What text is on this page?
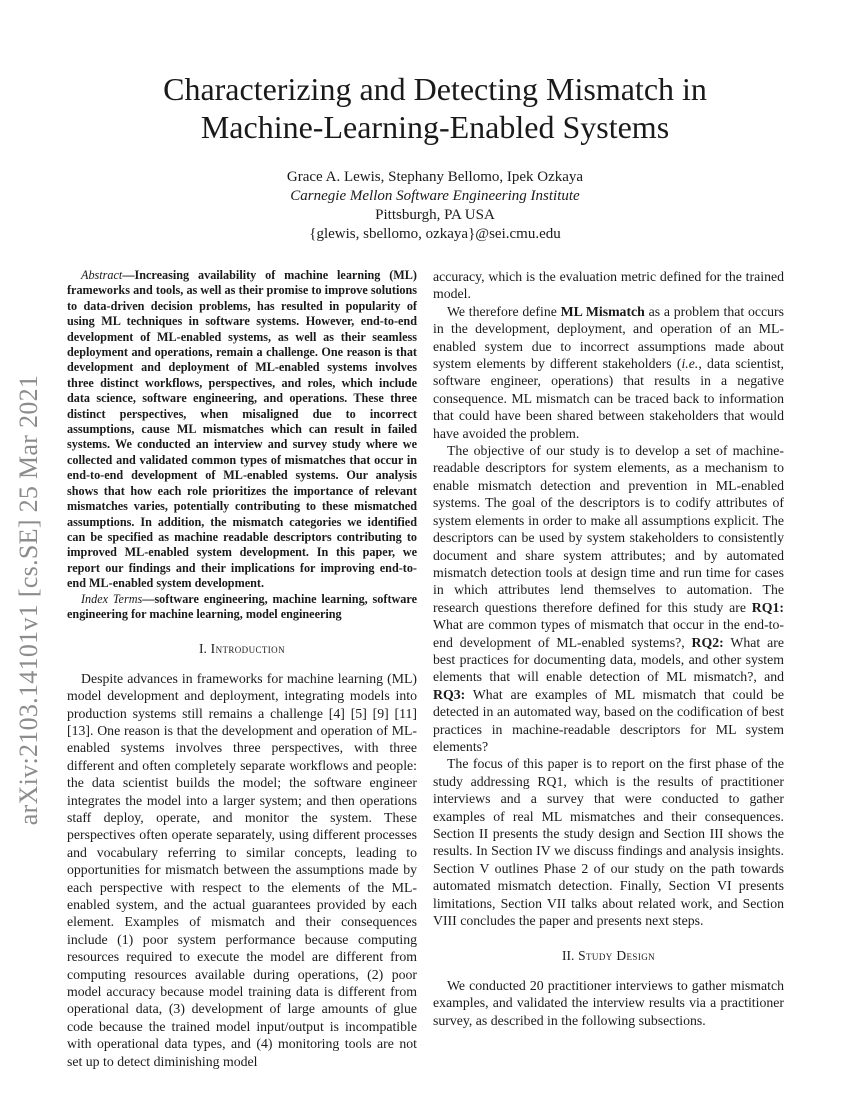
arXiv:2103.14101v1 [cs.SE] 25 Mar 2021
Characterizing and Detecting Mismatch in
Machine-Learning-Enabled Systems
Grace A. Lewis, Stephany Bellomo, Ipek Ozkaya
Carnegie Mellon Software Engineering Institute
Pittsburgh, PA USA
{glewis, sbellomo, ozkaya}@sei.cmu.edu

Abstract—Increasing availability of machine learning (ML) frameworks and tools, as well as their promise to improve solutions to data-driven decision problems, has resulted in popularity of using ML techniques in software systems. However, end-to-end development of ML-enabled systems, as well as their seamless deployment and operations, remain a challenge. One reason is that development and deployment of ML-enabled systems involves three distinct workflows, perspectives, and roles, which include data science, software engineering, and operations. These three distinct perspectives, when misaligned due to incorrect assumptions, cause ML mismatches which can result in failed systems. We conducted an interview and survey study where we collected and validated common types of mismatches that occur in end-to-end development of ML-enabled systems. Our analysis shows that how each role prioritizes the importance of relevant mismatches varies, potentially contributing to these mismatched assumptions. In addition, the mismatch categories we identified can be specified as machine readable descriptors contributing to improved ML-enabled system development. In this paper, we report our findings and their implications for improving end-to-end ML-enabled system development.

Index Terms—software engineering, machine learning, software engineering for machine learning, model engineering

I. Introduction

Despite advances in frameworks for machine learning (ML) model development and deployment, integrating models into production systems still remains a challenge [4] [5] [9] [11] [13]. One reason is that the development and operation of ML-enabled systems involves three perspectives, with three different and often completely separate workflows and people: the data scientist builds the model; the software engineer integrates the model into a larger system; and then operations staff deploy, operate, and monitor the system. These perspectives often operate separately, using different processes and vocabulary referring to similar concepts, leading to opportunities for mismatch between the assumptions made by each perspective with respect to the elements of the ML-enabled system, and the actual guarantees provided by each element. Examples of mismatch and their consequences include (1) poor system performance because computing resources required to execute the model are different from computing resources available during operations, (2) poor model accuracy because model training data is different from operational data, (3) development of large amounts of glue code because the trained model input/output is incompatible with operational data types, and (4) monitoring tools are not set up to detect diminishing model

accuracy, which is the evaluation metric defined for the trained model.

We therefore define ML Mismatch as a problem that occurs in the development, deployment, and operation of an ML-enabled system due to incorrect assumptions made about system elements by different stakeholders (i.e., data scientist, software engineer, operations) that results in a negative consequence. ML mismatch can be traced back to information that could have been shared between stakeholders that would have avoided the problem.

The objective of our study is to develop a set of machine-readable descriptors for system elements, as a mechanism to enable mismatch detection and prevention in ML-enabled systems. The goal of the descriptors is to codify attributes of system elements in order to make all assumptions explicit. The descriptors can be used by system stakeholders to consistently document and share system attributes; and by automated mismatch detection tools at design time and run time for cases in which attributes lend themselves to automation. The research questions therefore defined for this study are RQ1: What are common types of mismatch that occur in the end-to-end development of ML-enabled systems?, RQ2: What are best practices for documenting data, models, and other system elements that will enable detection of ML mismatch?, and RQ3: What are examples of ML mismatch that could be detected in an automated way, based on the codification of best practices in machine-readable descriptors for ML system elements?

The focus of this paper is to report on the first phase of the study addressing RQ1, which is the results of practitioner interviews and a survey that were conducted to gather examples of real ML mismatches and their consequences. Section II presents the study design and Section III shows the results. In Section IV we discuss findings and analysis insights. Section V outlines Phase 2 of our study on the path towards automated mismatch detection. Finally, Section VI presents limitations, Section VII talks about related work, and Section VIII concludes the paper and presents next steps.

II. Study Design

We conducted 20 practitioner interviews to gather mismatch examples, and validated the interview results via a practitioner survey, as described in the following subsections.
